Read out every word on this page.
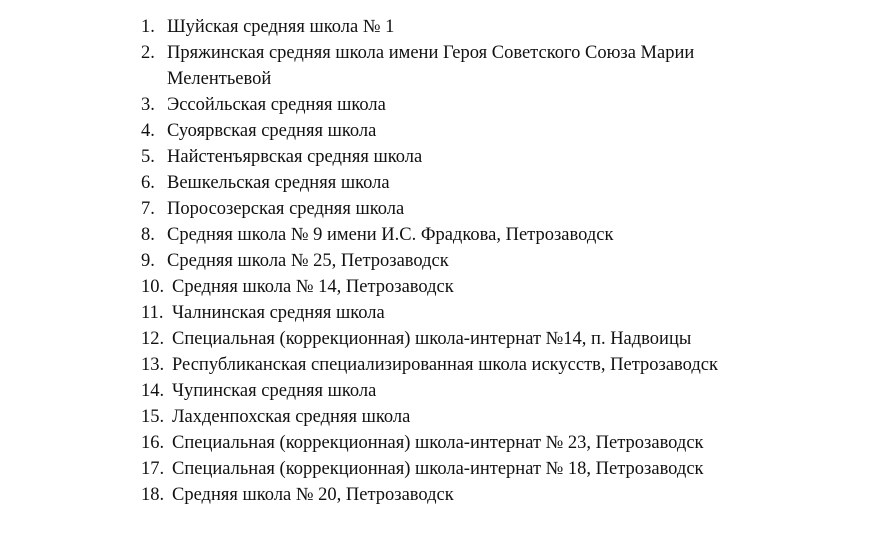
1. Шуйская средняя школа № 1
2. Пряжинская средняя школа имени Героя Советского Союза Марии Мелентьевой
3. Эссойльская средняя школа
4. Суоярвская средняя школа
5. Найстенъярвская средняя школа
6. Вешкельская средняя школа
7. Поросозерская средняя школа
8. Средняя школа № 9 имени И.С. Фрадкова, Петрозаводск
9. Средняя школа № 25, Петрозаводск
10. Средняя школа № 14, Петрозаводск
11. Чалнинская средняя школа
12. Специальная (коррекционная) школа-интернат №14, п. Надвоицы
13. Республиканская специализированная школа искусств, Петрозаводск
14. Чупинская средняя школа
15. Лахденпохская средняя школа
16. Специальная (коррекционная) школа-интернат № 23, Петрозаводск
17. Специальная (коррекционная) школа-интернат № 18, Петрозаводск
18. Средняя школа № 20, Петрозаводск
